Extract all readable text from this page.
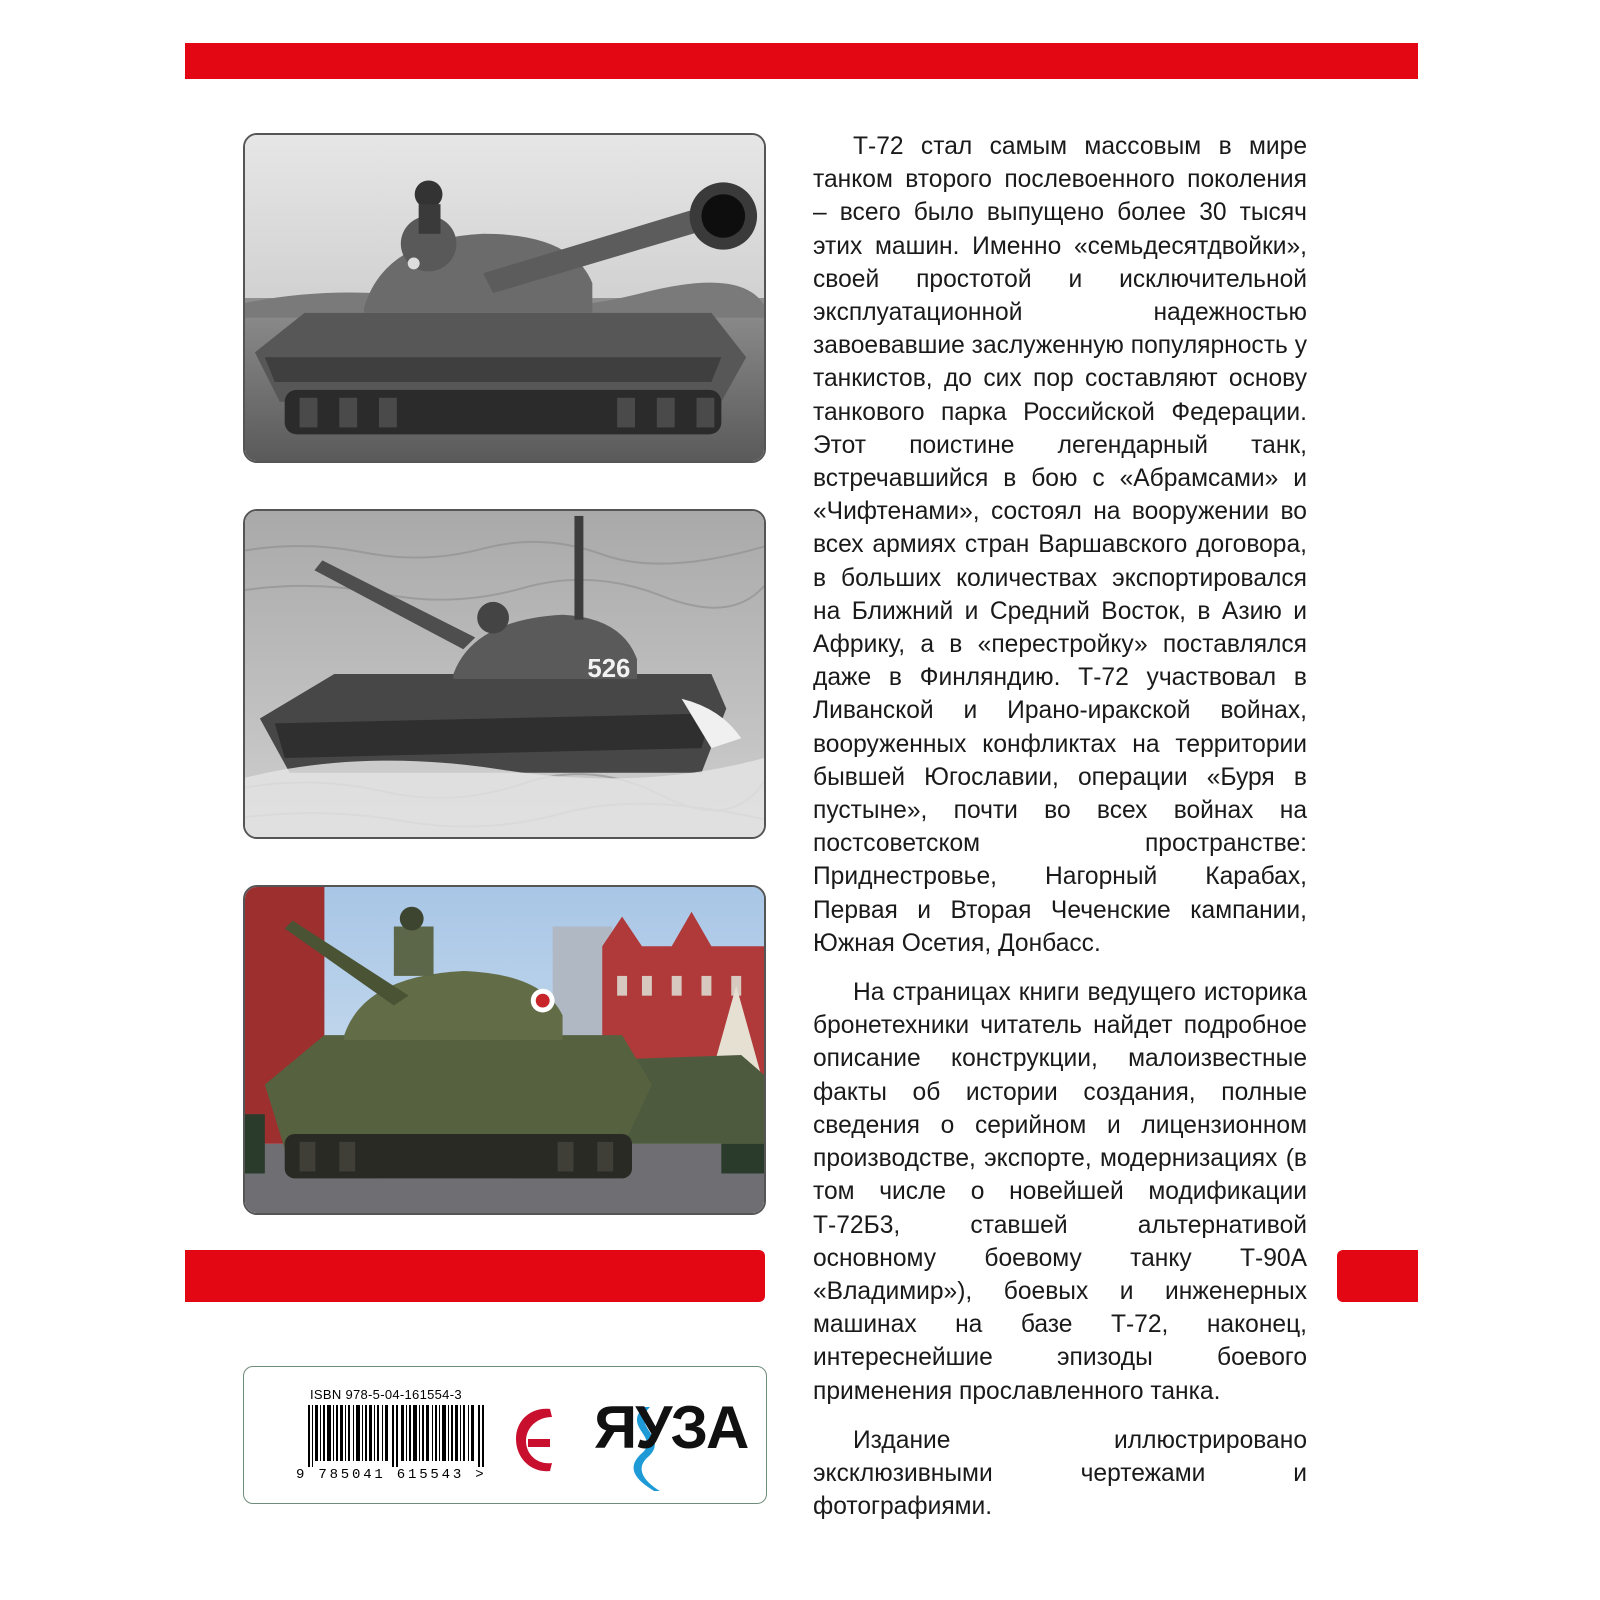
526

Т-72 стал самым массовым в мире танком второго послевоенного поколения – всего было выпущено более 30 тысяч этих машин. Именно «семьдесятдвойки», своей простотой и исключительной эксплуатационной надежностью завоевавшие заслуженную популярность у танкистов, до сих пор составляют основу танкового парка Российской Федерации. Этот поистине легендарный танк, встречавшийся в бою с «Абрамсами» и «Чифтенами», состоял на вооружении во всех армиях стран Варшавского договора, в больших количествах экспортировался на Ближний и Средний Восток, в Азию и Африку, а в «перестройку» поставлялся даже в Финляндию. Т-72 участвовал в Ливанской и Ирано-иракской войнах, вооруженных конфликтах на территории бывшей Югославии, операции «Буря в пустыне», почти во всех войнах на постсоветском пространстве: Приднестровье, Нагорный Карабах, Первая и Вторая Чеченские кампании, Южная Осетия, Донбасс.

На страницах книги ведущего историка бронетехники читатель найдет подробное описание конструкции, малоизвестные факты об истории создания, полные сведения о серийном и лицензионном производстве, экспорте, модернизациях (в том числе о новейшей модификации Т-72Б3, ставшей альтернативой основному боевому танку Т-90А «Владимир»), боевых и инженерных машинах на базе Т-72, наконец, интереснейшие эпизоды боевого применения прославленного танка.

Издание иллюстрировано эксклюзивными чертежами и фотографиями.

ISBN 978-5-04-161554-3
9 785041 615543 >
ЯУЗА
